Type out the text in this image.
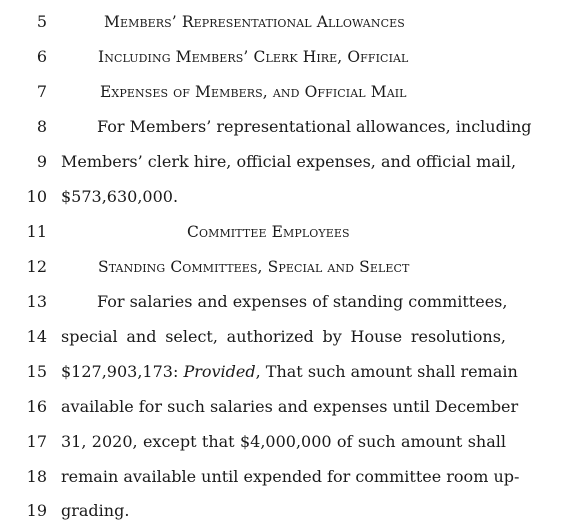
5	Members’ Representational Allowances
6	Including Members’ Clerk Hire, Official
7	Expenses of Members, and Official Mail
8	For Members’ representational allowances, including
9 Members’ clerk hire, official expenses, and official mail,
10 $573,630,000.
11	Committee Employees
12	Standing Committees, Special and Select
13	For salaries and expenses of standing committees,
14 special and select, authorized by House resolutions,
15 $127,903,173: Provided, That such amount shall remain
16 available for such salaries and expenses until December
17 31, 2020, except that $4,000,000 of such amount shall
18 remain available until expended for committee room up-
19 grading.
